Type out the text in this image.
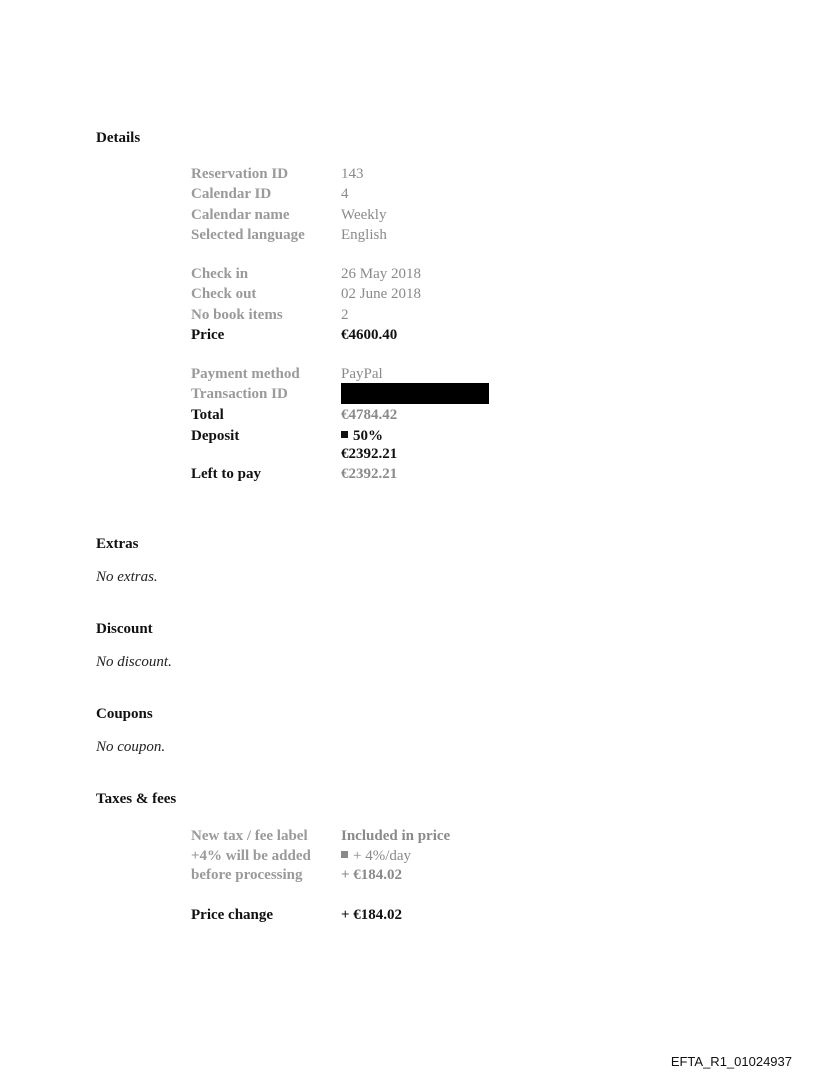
Details
Reservation ID	143
Calendar ID	4
Calendar name	Weekly
Selected language English
Check in	26 May 2018
Check out	02 June 2018
No book items	2
Price	€4600.40
Payment method	PayPal
Transaction ID
Total	€4784.42
Deposit	50%
€2392.21
Left to pay	€2392.21
Extras

No extras.

Discount

No discount.

Coupons

No coupon.

Taxes & fees
New tax / fee label Included in price
+4% will be added	+ 4%/day
before processing	+ €184.02
Price change	+ €184.02
EFTA_R1_01024937
